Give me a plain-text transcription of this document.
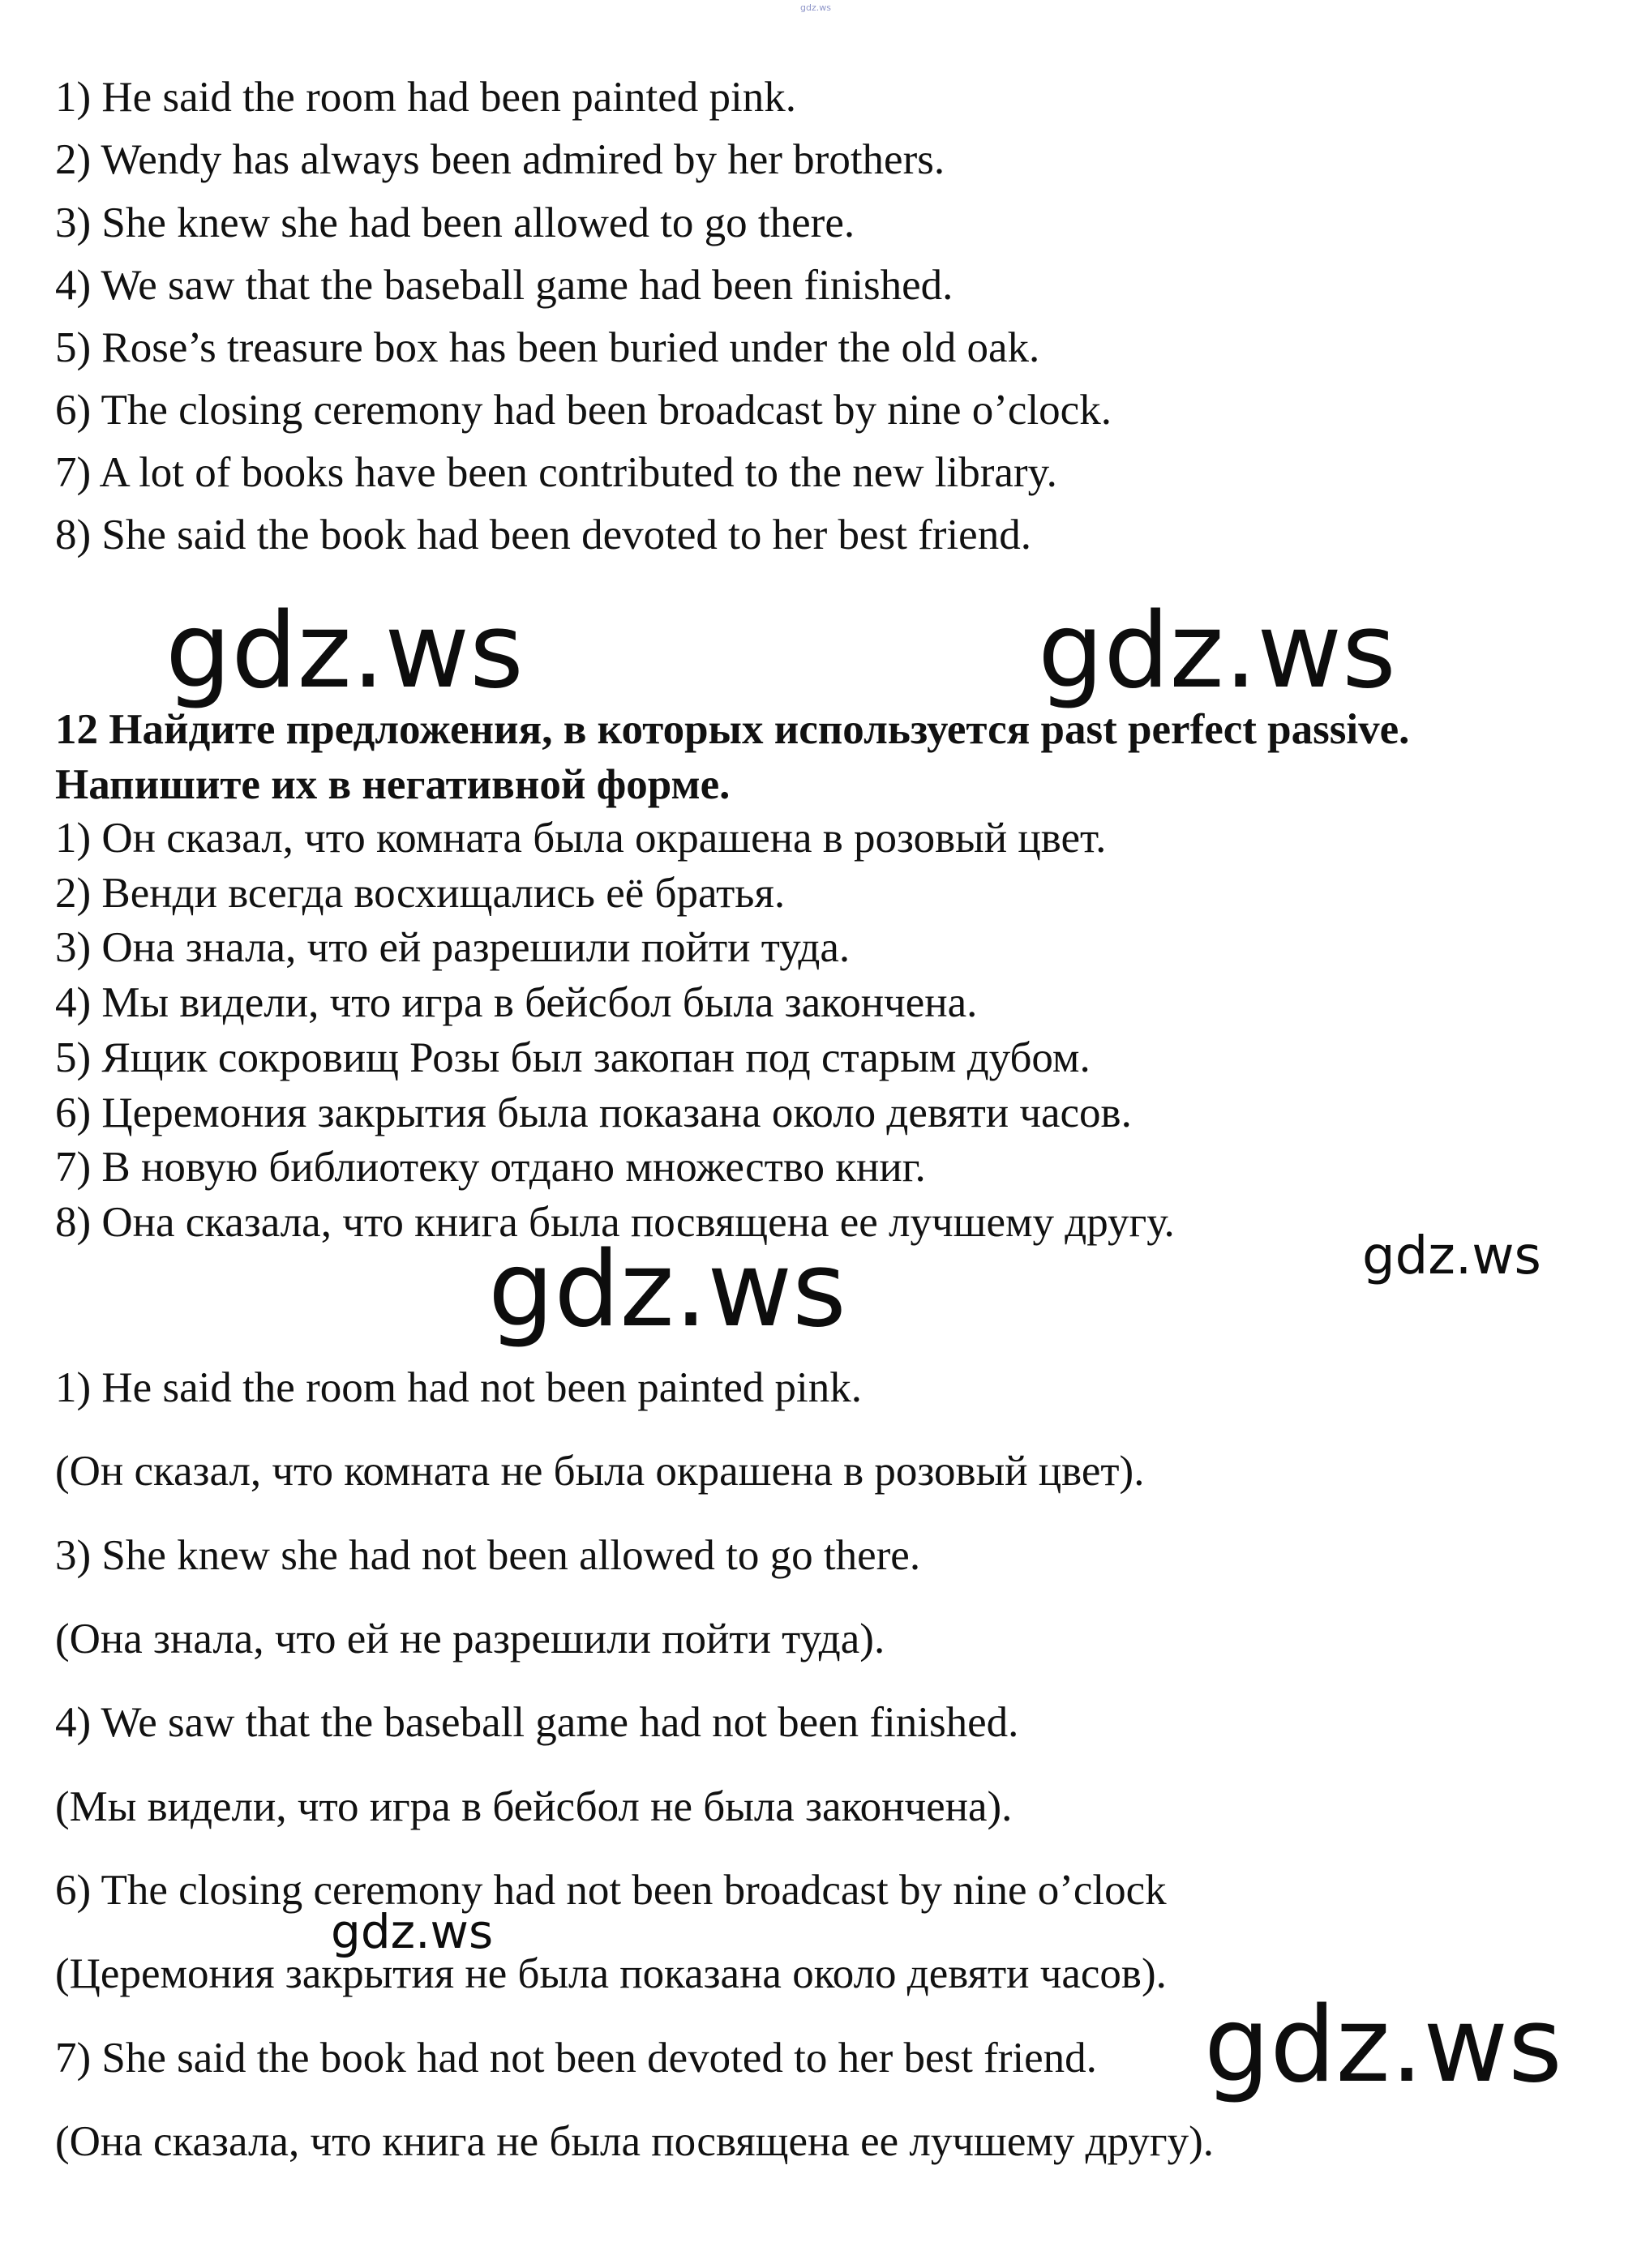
gdz.ws

1) He said the room had been painted pink.

2) Wendy has always been admired by her brothers.

3) She knew she had been allowed to go there.

4) We saw that the baseball game had been finished.

5) Rose’s treasure box has been buried under the old oak.

6) The closing ceremony had been broadcast by nine o’clock.

7) A lot of books have been contributed to the new library.

8) She said the book had been devoted to her best friend.

gdz.ws	gdz.ws
12 Найдите предложения, в которых используется past perfect passive.
Напишите их в негативной форме.

1) Он сказал, что комната была окрашена в розовый цвет.

2) Венди всегда восхищались её братья.

3) Она знала, что ей разрешили пойти туда.

4) Мы видели, что игра в бейсбол была закончена.

5) Ящик сокровищ Розы был закопан под старым дубом.

6) Церемония закрытия была показана около девяти часов.

7) В новую библиотеку отдано множество книг.

8) Она сказала, что книга была посвящена ее лучшему другу.

gdz.ws	gdz.ws

1) He said the room had not been painted pink.

(Он сказал, что комната не была окрашена в розовый цвет).

3) She knew she had not been allowed to go there.

(Она знала, что ей не разрешили пойти туда).

4) We saw that the baseball game had not been finished.

(Мы видели, что игра в бейсбол не была закончена).

6) The closing ceremony had not been broadcast by nine o’clock

(Церемония закрытия не была показана около девяти часов).

7) She said the book had not been devoted to her best friend.

(Она сказала, что книга не была посвящена ее лучшему другу).

gdz.ws
gdz.ws
